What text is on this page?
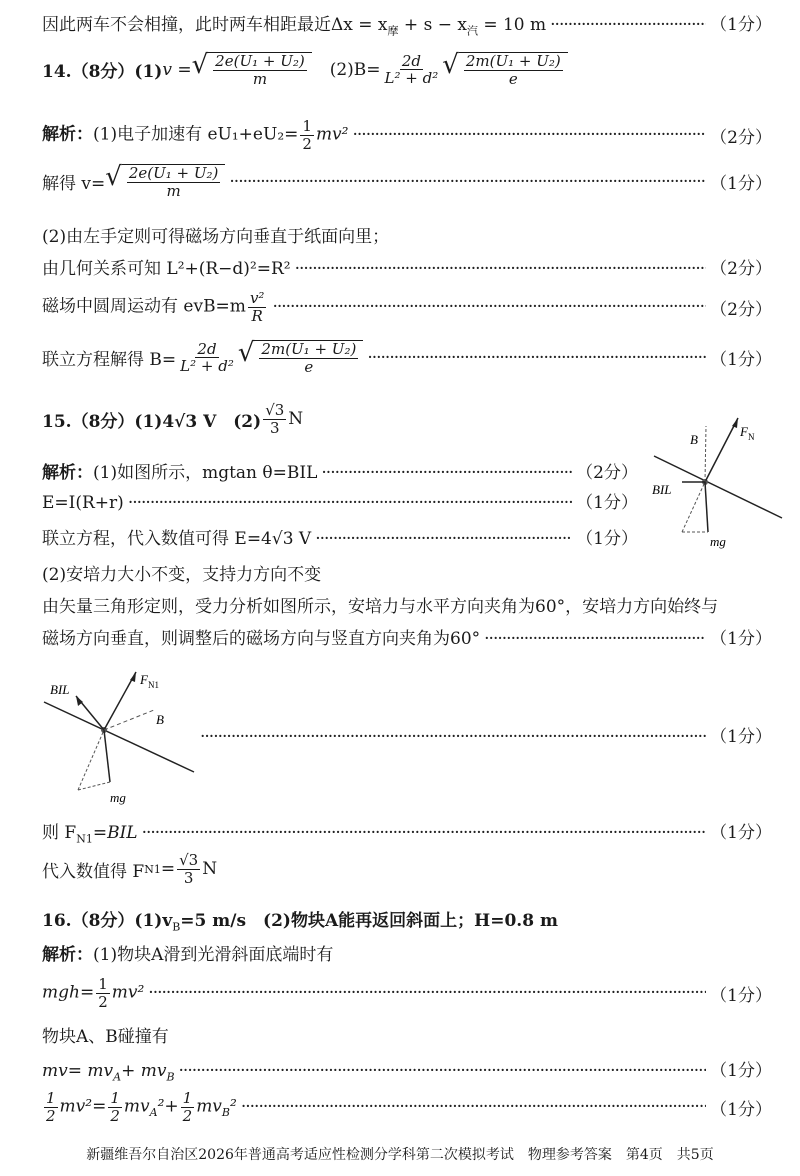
因此两车不会相撞，此时两车相距最近$\Delta x = x_摩 + s - x_汽 = 10$ m ·····	（1分）
14.（8分）(1) v = √ $\frac{\text{2e(U₁ + U₂)}}{m} (2)B= \frac{2d}{\text{L² + d²}}$ √ $\frac{\text{2m(U₁ + U₂)}}{e}$
解析：(1)电子加速有 $eU_1+eU_2= \frac{1}{2} mv^2$ ·····	（2分）
解得 v= √ $\frac{\text{2e(U₁ + U₂)}}{m}$ ·····	（1分）
(2)由左手定则可得磁场方向垂直于纸面向里；
由几何关系可知 L²+(R−d)²=R² ·····	（2分）
磁场中圆周运动有 $evB=m \frac{\text{v²}}{R}$ ·····	（2分）
联立方程解得 $B= \frac{2d}{\text{L² + d²}}$ √ $\frac{\text{2m(U₁ + U₂)}}{e}$ ·····	（1分）
15.（8分）(1)4√3 V　$(2) \frac{√3}{3}$ N
解析：(1)如图所示，mgtan θ=BIL ·····	（2分）
E=I(R+r) ·····	（1分）
联立方程，代入数值可得 E=4√3 V ·····	（1分）
(2)安培力大小不变，支持力方向不变
由矢量三角形定则，受力分析如图所示，安培力与水平方向夹角为60°，安培力方向始终与
磁场方向垂直，则调整后的磁场方向与竖直方向夹角为60° ·····	（1分）
B
F N
BIL
mg
BIL
F N1
B
mg
·····
（1分）
则 $F_{N1}=BIL$ ·····	（1分）
代入数值得 F $N1 = \frac{√3}{3}$ N
16.（8分）$(1)v_B=5$ m/s　(2)物块A能再返回斜面上；H=0.8 m
解析：(1)物块A滑到光滑斜面底端时有
$mgh= \frac{1}{2} mv^2$ ·····	（1分）
物块A、B碰撞有
$mv= mv_A+ mv_B$ ·····	（1分）
$\frac{1}{2} mv^2= \frac{1}{2} mv_A^2+ \frac{1}{2} mv_B^2$ ·····	（1分）
新疆维吾尔自治区2026年普通高考适应性检测分学科第二次模拟考试　物理参考答案　第4页　共5页
